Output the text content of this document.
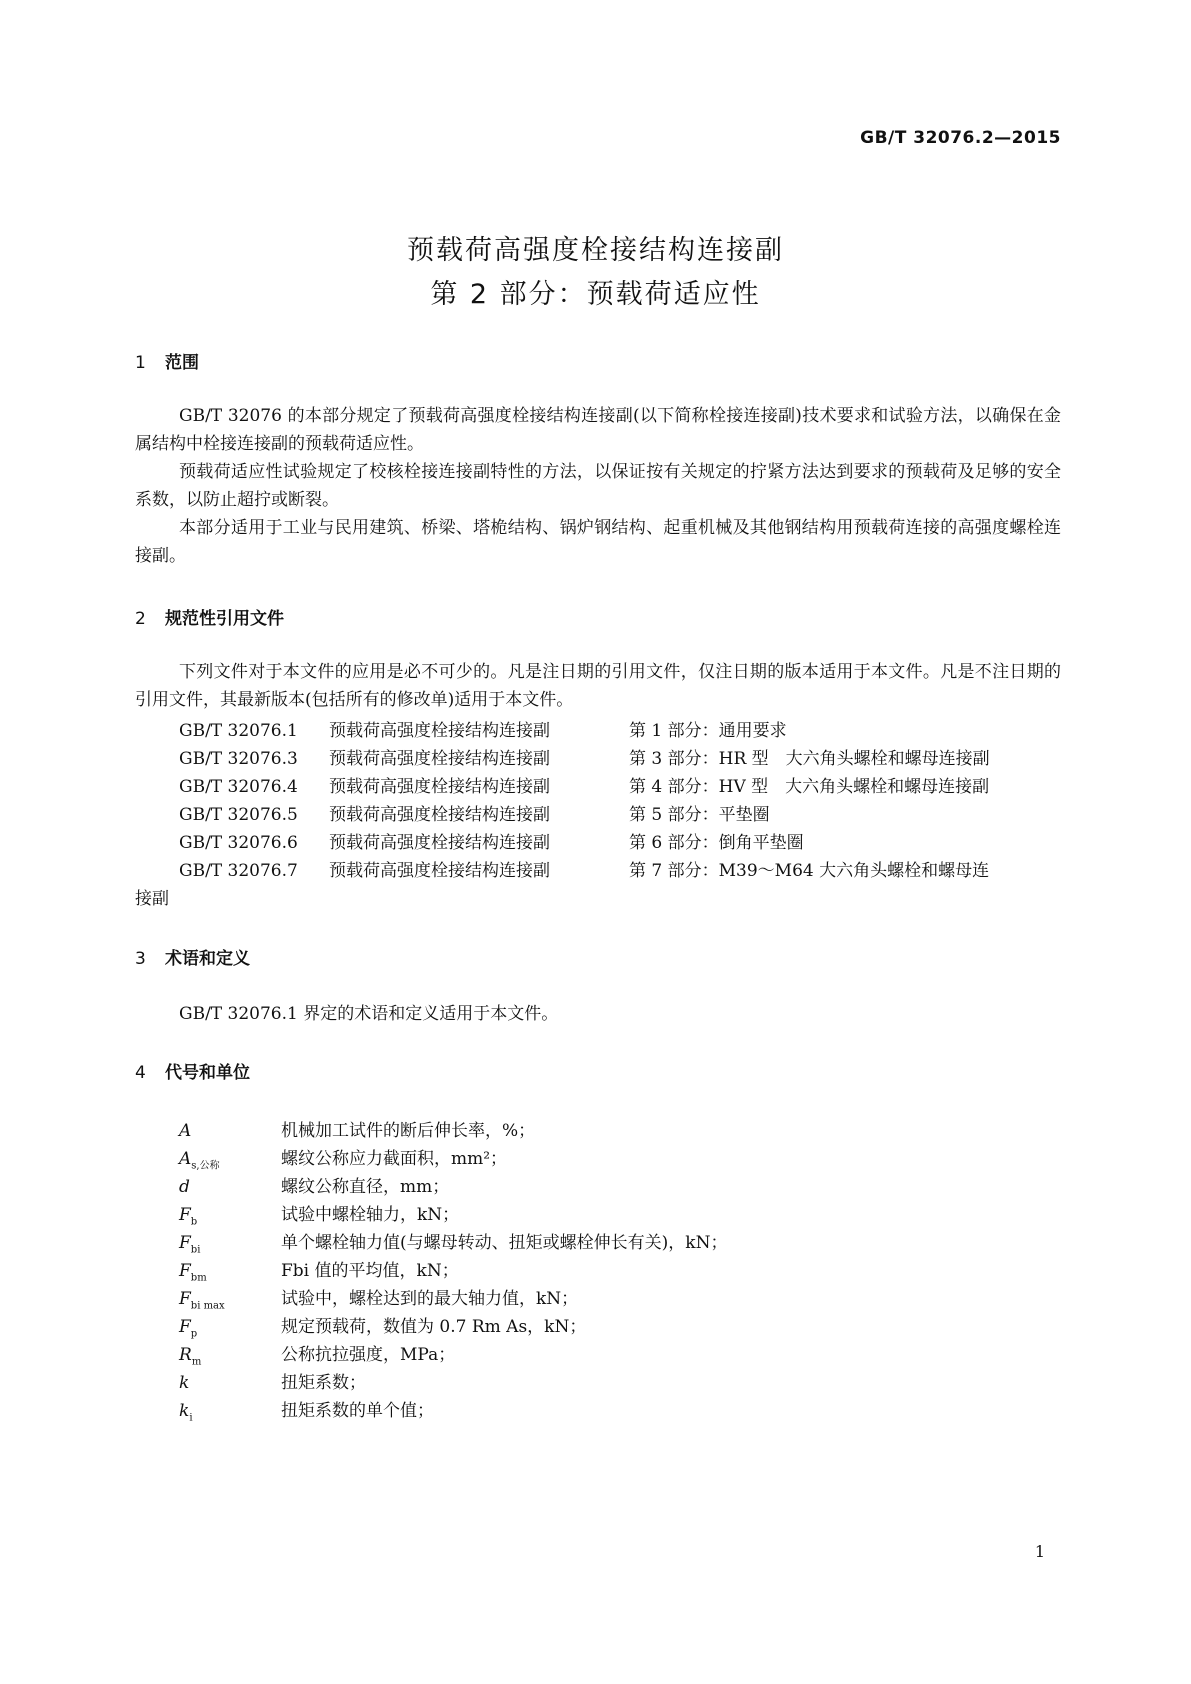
GB/T 32076.2—2015
预载荷高强度栓接结构连接副
第 2 部分：预载荷适应性
1 范围
GB/T 32076 的本部分规定了预载荷高强度栓接结构连接副(以下简称栓接连接副)技术要求和试验方法，以确保在金属结构中栓接连接副的预载荷适应性。
预载荷适应性试验规定了校核栓接连接副特性的方法，以保证按有关规定的拧紧方法达到要求的预载荷及足够的安全系数，以防止超拧或断裂。
本部分适用于工业与民用建筑、桥梁、塔桅结构、锅炉钢结构、起重机械及其他钢结构用预载荷连接的高强度螺栓连接副。
2 规范性引用文件
下列文件对于本文件的应用是必不可少的。凡是注日期的引用文件，仅注日期的版本适用于本文件。凡是不注日期的引用文件，其最新版本(包括所有的修改单)适用于本文件。
GB/T 32076.1 预载荷高强度栓接结构连接副	第 1 部分：通用要求
GB/T 32076.3 预载荷高强度栓接结构连接副	第 3 部分：HR 型　大六角头螺栓和螺母连接副
GB/T 32076.4 预载荷高强度栓接结构连接副	第 4 部分：HV 型　大六角头螺栓和螺母连接副
GB/T 32076.5 预载荷高强度栓接结构连接副	第 5 部分：平垫圈
GB/T 32076.6 预载荷高强度栓接结构连接副	第 6 部分：倒角平垫圈
GB/T 32076.7 预载荷高强度栓接结构连接副	第 7 部分：M39～M64 大六角头螺栓和螺母连
接副
3 术语和定义
GB/T 32076.1 界定的术语和定义适用于本文件。
4 代号和单位
A	机械加工试件的断后伸长率，%；
$A_{s,公称}$	螺纹公称应力截面积，mm²；
d	螺纹公称直径，mm；
$F_b$	试验中螺栓轴力，kN；
$F_{bi}$	单个螺栓轴力值(与螺母转动、扭矩或螺栓伸长有关)，kN；
$F_{bm}$	Fbi 值的平均值，kN；
$F_{bi max}$	试验中，螺栓达到的最大轴力值，kN；
$F_p$	规定预载荷，数值为 0.7 Rm As，kN；
$R_m$	公称抗拉强度，MPa；
k	扭矩系数；
$k_i$	扭矩系数的单个值；
1
